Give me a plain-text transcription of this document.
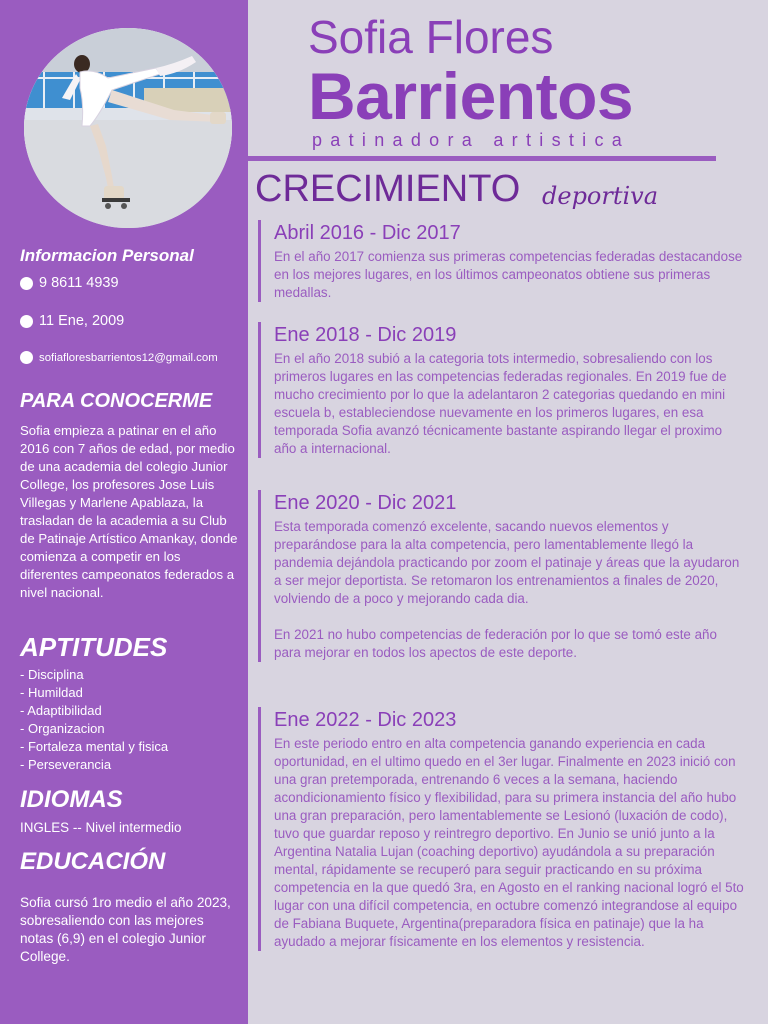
Informacion Personal
9 8611 4939
11 Ene, 2009
sofiafloresbarrientos12@gmail.com
PARA CONOCERME

Sofia empieza a patinar en el año 2016 con 7 años de edad, por medio de una academia del colegio Junior College, los profesores Jose Luis Villegas y Marlene Apablaza, la trasladan de la academia a su Club de Patinaje Artístico Amankay, donde comienza a competir en los diferentes campeonatos federados a nivel nacional.

APTITUDES
- Disciplina
- Humildad
- Adaptibilidad
- Organizacion
- Fortaleza mental y fisica
- Perseverancia
IDIOMAS

INGLES -- Nivel intermedio

EDUCACIÓN

Sofia cursó 1ro medio el año 2023, sobresaliendo con las mejores notas (6,9) en el colegio Junior College.

Sofia Flores
Barrientos
patinadora artistica
CRECIMIENTO deportiva
Abril 2016 - Dic 2017

En el año 2017 comienza sus primeras competencias federadas destacandose en los mejores lugares, en los últimos campeonatos obtiene sus primeras medallas.

Ene 2018 - Dic 2019

En el año 2018 subió a la categoria tots intermedio, sobresaliendo con los primeros lugares en las competencias federadas regionales. En 2019 fue de mucho crecimiento por lo que la adelantaron 2 categorias quedando en mini escuela b, estableciendose nuevamente en los primeros lugares, en esa temporada Sofia avanzó técnicamente bastante aspirando llegar el proximo año a internacional.

Ene 2020 - Dic 2021

Esta temporada comenzó excelente, sacando nuevos elementos y preparándose para la alta competencia, pero lamentablemente llegó la pandemia dejándola practicando por zoom el patinaje y áreas que la ayudaron a ser mejor deportista. Se retomaron los entrenamientos a finales de 2020, volviendo de a poco y mejorando cada dia.

En 2021 no hubo competencias de federación por lo que se tomó este año para mejorar en todos los apectos de este deporte.

Ene 2022 - Dic 2023

En este periodo entro en alta competencia ganando experiencia en cada oportunidad, en el ultimo quedo en el 3er lugar. Finalmente en 2023 inició con una gran pretemporada, entrenando 6 veces a la semana, haciendo acondicionamiento físico y flexibilidad, para su primera instancia del año hubo una gran preparación, pero lamentablemente se Lesionó (luxación de codo), tuvo que guardar reposo y reintregro deportivo. En Junio se unió junto a la Argentina Natalia Lujan (coaching deportivo) ayudándola a su preparación mental, rápidamente se recuperó para seguir practicando en su próxima competencia en la que quedó 3ra, en Agosto en el ranking nacional logró el 5to lugar con una difícil competencia, en octubre comenzó integrandose al equipo de Fabiana Buquete, Argentina(preparadora física en patinaje) que la ha ayudado a mejorar físicamente en los elementos y resistencia.
